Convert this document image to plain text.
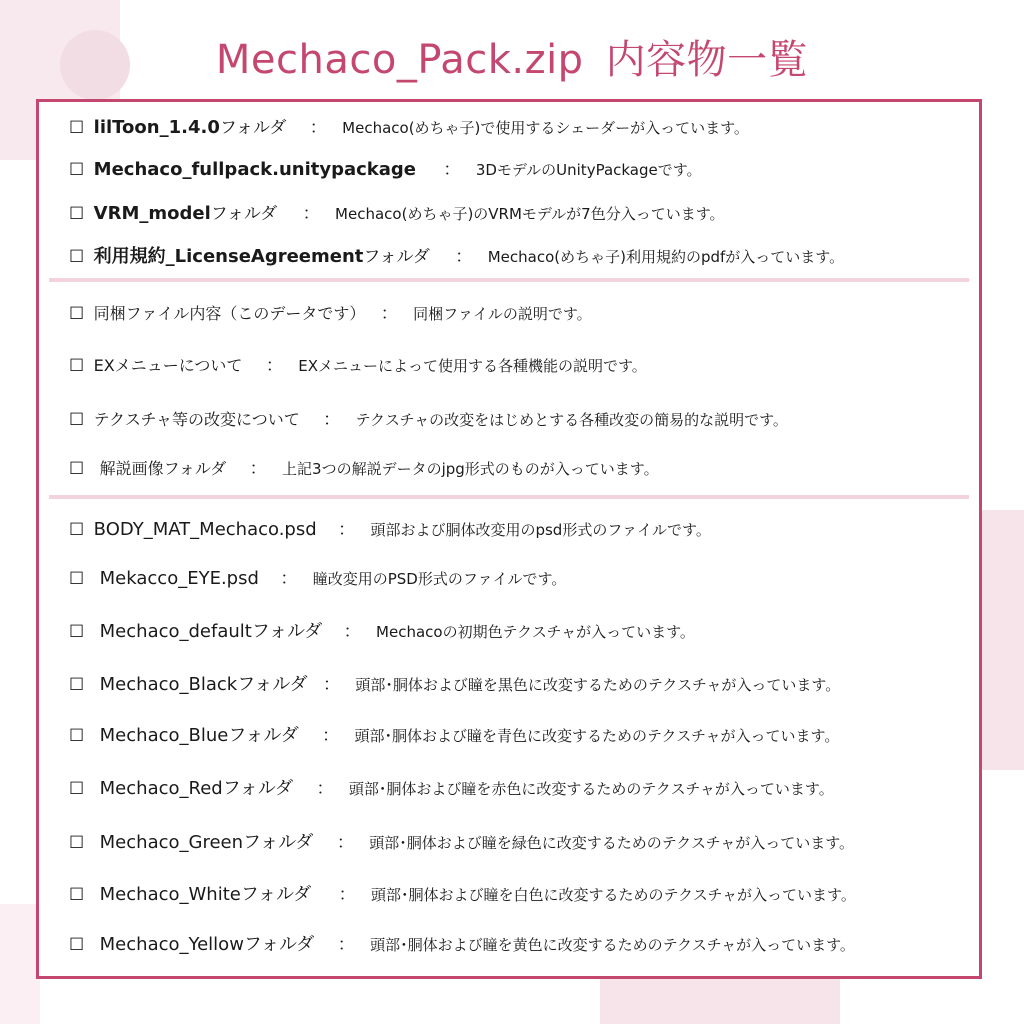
Mechaco_Pack.zip 内容物一覧
☐ lilToon_1.4.0フォルダ ： Mechaco(めちゃ子)で使用するシェーダーが入っています。
☐ Mechaco_fullpack.unitypackage ： 3DモデルのUnityPackageです。
☐ VRM_modelフォルダ ： Mechaco(めちゃ子)のVRMモデルが7色分入っています。
☐ 利用規約_LicenseAgreementフォルダ ： Mechaco(めちゃ子)利用規約のpdfが入っています。
☐ 同梱ファイル内容（このデータです） ： 同梱ファイルの説明です。
☐ EXメニューについて ： EXメニューによって使用する各種機能の説明です。
☐ テクスチャ等の改変について ： テクスチャの改変をはじめとする各種改変の簡易的な説明です。
☐ 解説画像フォルダ ： 上記3つの解説データのjpg形式のものが入っています。
☐ BODY_MAT_Mechaco.psd ： 頭部および胴体改変用のpsd形式のファイルです。
☐ Mekacco_EYE.psd ： 瞳改変用のPSD形式のファイルです。
☐ Mechaco_defaultフォルダ ： Mechacoの初期色テクスチャが入っています。
☐ Mechaco_Blackフォルダ ： 頭部･胴体および瞳を黒色に改変するためのテクスチャが入っています。
☐ Mechaco_Blueフォルダ ： 頭部･胴体および瞳を青色に改変するためのテクスチャが入っています。
☐ Mechaco_Redフォルダ ： 頭部･胴体および瞳を赤色に改変するためのテクスチャが入っています。
☐ Mechaco_Greenフォルダ ： 頭部･胴体および瞳を緑色に改変するためのテクスチャが入っています。
☐ Mechaco_Whiteフォルダ ： 頭部･胴体および瞳を白色に改変するためのテクスチャが入っています。
☐ Mechaco_Yellowフォルダ ： 頭部･胴体および瞳を黄色に改変するためのテクスチャが入っています。
